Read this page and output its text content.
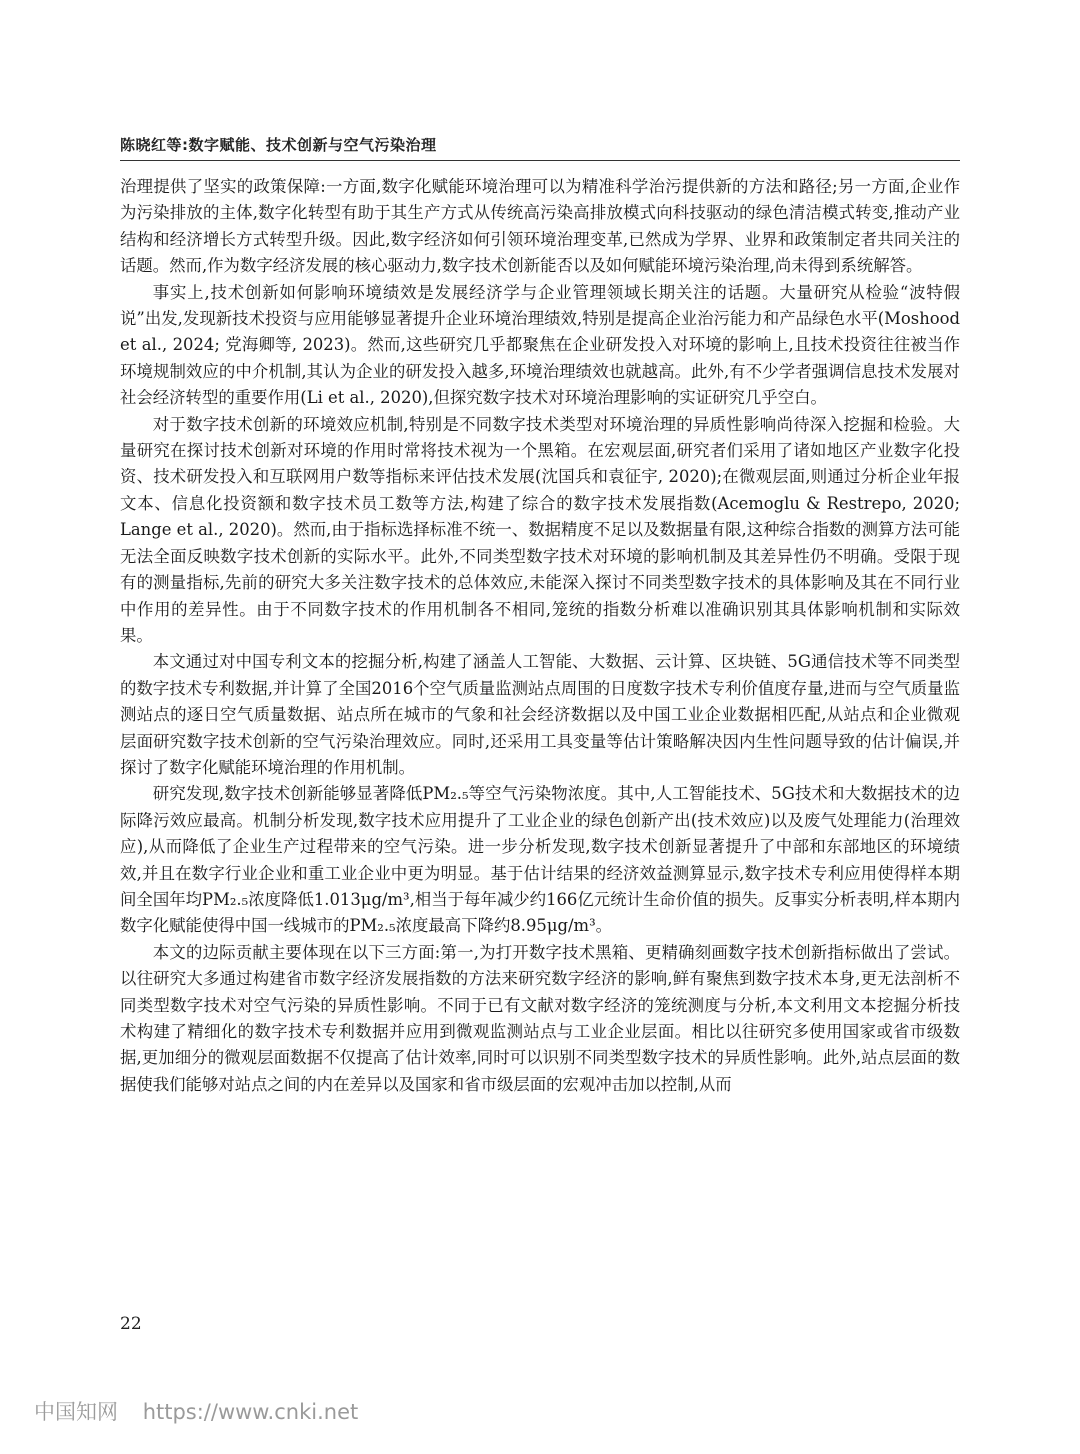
陈晓红等:数字赋能、技术创新与空气污染治理

治理提供了坚实的政策保障:一方面,数字化赋能环境治理可以为精准科学治污提供新的方法和路径;另一方面,企业作为污染排放的主体,数字化转型有助于其生产方式从传统高污染高排放模式向科技驱动的绿色清洁模式转变,推动产业结构和经济增长方式转型升级。因此,数字经济如何引领环境治理变革,已然成为学界、业界和政策制定者共同关注的话题。然而,作为数字经济发展的核心驱动力,数字技术创新能否以及如何赋能环境污染治理,尚未得到系统解答。

事实上,技术创新如何影响环境绩效是发展经济学与企业管理领域长期关注的话题。大量研究从检验“波特假说”出发,发现新技术投资与应用能够显著提升企业环境治理绩效,特别是提高企业治污能力和产品绿色水平(Moshood et al., 2024; 党海卿等, 2023)。然而,这些研究几乎都聚焦在企业研发投入对环境的影响上,且技术投资往往被当作环境规制效应的中介机制,其认为企业的研发投入越多,环境治理绩效也就越高。此外,有不少学者强调信息技术发展对社会经济转型的重要作用(Li et al., 2020),但探究数字技术对环境治理影响的实证研究几乎空白。

对于数字技术创新的环境效应机制,特别是不同数字技术类型对环境治理的异质性影响尚待深入挖掘和检验。大量研究在探讨技术创新对环境的作用时常将技术视为一个黑箱。在宏观层面,研究者们采用了诸如地区产业数字化投资、技术研发投入和互联网用户数等指标来评估技术发展(沈国兵和袁征宇, 2020);在微观层面,则通过分析企业年报文本、信息化投资额和数字技术员工数等方法,构建了综合的数字技术发展指数(Acemoglu & Restrepo, 2020; Lange et al., 2020)。然而,由于指标选择标准不统一、数据精度不足以及数据量有限,这种综合指数的测算方法可能无法全面反映数字技术创新的实际水平。此外,不同类型数字技术对环境的影响机制及其差异性仍不明确。受限于现有的测量指标,先前的研究大多关注数字技术的总体效应,未能深入探讨不同类型数字技术的具体影响及其在不同行业中作用的差异性。由于不同数字技术的作用机制各不相同,笼统的指数分析难以准确识别其具体影响机制和实际效果。

本文通过对中国专利文本的挖掘分析,构建了涵盖人工智能、大数据、云计算、区块链、5G通信技术等不同类型的数字技术专利数据,并计算了全国2016个空气质量监测站点周围的日度数字技术专利价值度存量,进而与空气质量监测站点的逐日空气质量数据、站点所在城市的气象和社会经济数据以及中国工业企业数据相匹配,从站点和企业微观层面研究数字技术创新的空气污染治理效应。同时,还采用工具变量等估计策略解决因内生性问题导致的估计偏误,并探讨了数字化赋能环境治理的作用机制。

研究发现,数字技术创新能够显著降低PM₂.₅等空气污染物浓度。其中,人工智能技术、5G技术和大数据技术的边际降污效应最高。机制分析发现,数字技术应用提升了工业企业的绿色创新产出(技术效应)以及废气处理能力(治理效应),从而降低了企业生产过程带来的空气污染。进一步分析发现,数字技术创新显著提升了中部和东部地区的环境绩效,并且在数字行业企业和重工业企业中更为明显。基于估计结果的经济效益测算显示,数字技术专利应用使得样本期间全国年均PM₂.₅浓度降低1.013μg/m³,相当于每年减少约166亿元统计生命价值的损失。反事实分析表明,样本期内数字化赋能使得中国一线城市的PM₂.₅浓度最高下降约8.95μg/m³。

本文的边际贡献主要体现在以下三方面:第一,为打开数字技术黑箱、更精确刻画数字技术创新指标做出了尝试。以往研究大多通过构建省市数字经济发展指数的方法来研究数字经济的影响,鲜有聚焦到数字技术本身,更无法剖析不同类型数字技术对空气污染的异质性影响。不同于已有文献对数字经济的笼统测度与分析,本文利用文本挖掘分析技术构建了精细化的数字技术专利数据并应用到微观监测站点与工业企业层面。相比以往研究多使用国家或省市级数据,更加细分的微观层面数据不仅提高了估计效率,同时可以识别不同类型数字技术的异质性影响。此外,站点层面的数据使我们能够对站点之间的内在差异以及国家和省市级层面的宏观冲击加以控制,从而

22
中国知网 https://www.cnki.net
